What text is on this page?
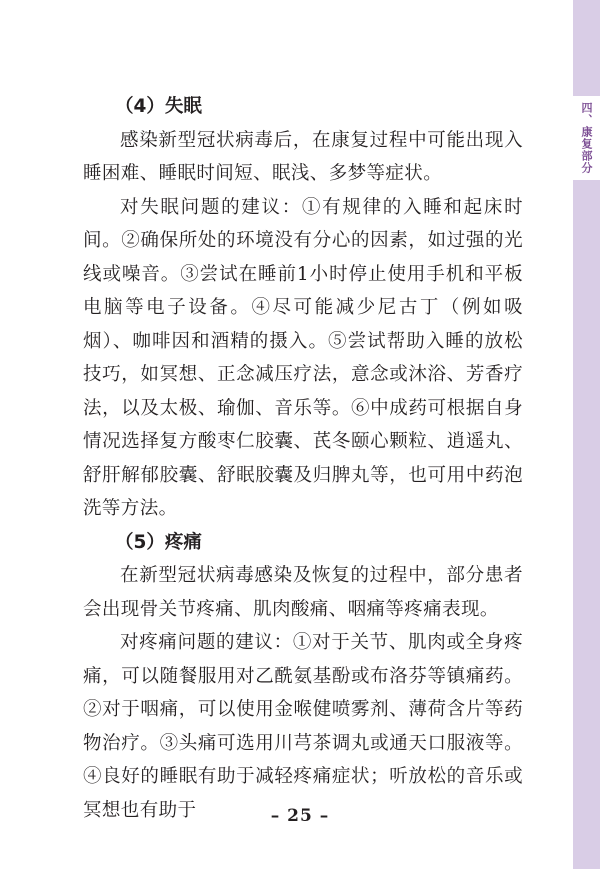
四、康复部分
（4）失眠

感染新型冠状病毒后，在康复过程中可能出现入睡困难、睡眠时间短、眠浅、多梦等症状。

对失眠问题的建议：①有规律的入睡和起床时间。②确保所处的环境没有分心的因素，如过强的光线或噪音。③尝试在睡前1小时停止使用手机和平板电脑等电子设备。④尽可能减少尼古丁（例如吸烟）、咖啡因和酒精的摄入。⑤尝试帮助入睡的放松技巧，如冥想、正念减压疗法，意念或沐浴、芳香疗法，以及太极、瑜伽、音乐等。⑥中成药可根据自身情况选择复方酸枣仁胶囊、芪冬颐心颗粒、逍遥丸、舒肝解郁胶囊、舒眠胶囊及归脾丸等，也可用中药泡洗等方法。

（5）疼痛

在新型冠状病毒感染及恢复的过程中，部分患者会出现骨关节疼痛、肌肉酸痛、咽痛等疼痛表现。

对疼痛问题的建议：①对于关节、肌肉或全身疼痛，可以随餐服用对乙酰氨基酚或布洛芬等镇痛药。②对于咽痛，可以使用金喉健喷雾剂、薄荷含片等药物治疗。③头痛可选用川芎茶调丸或通天口服液等。④良好的睡眠有助于减轻疼痛症状；听放松的音乐或冥想也有助于	– 25 –
